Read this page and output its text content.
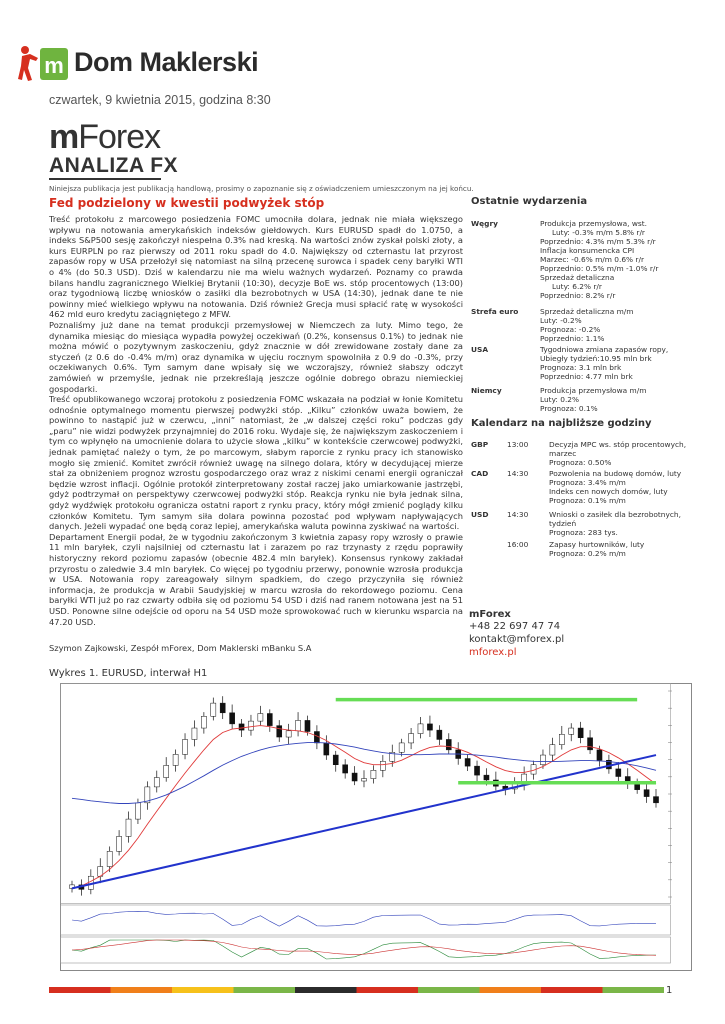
m Dom Maklerski
czwartek, 9 kwietnia 2015, godzina 8:30
mForex
ANALIZA FX
Niniejsza publikacja jest publikacją handlową, prosimy o zapoznanie się z oświadczeniem umieszczonym na jej końcu.
Fed podzielony w kwestii podwyżek stóp

Treść protokołu z marcowego posiedzenia FOMC umocniła dolara, jednak nie miała większego wpływu na notowania amerykańskich indeksów giełdowych. Kurs EURUSD spadł do 1.0750, a indeks S&P500 sesję zakończył niespełna 0.3% nad kreską. Na wartości znów zyskał polski złoty, a kurs EURPLN po raz pierwszy od 2011 roku spadł do 4.0. Największy od czternastu lat przyrost zapasów ropy w USA przełożył się natomiast na silną przecenę surowca i spadek ceny baryłki WTI o 4% (do 50.3 USD). Dziś w kalendarzu nie ma wielu ważnych wydarzeń. Poznamy co prawda bilans handlu zagranicznego Wielkiej Brytanii (10:30), decyzje BoE ws. stóp procentowych (13:00) oraz tygodniową liczbę wniosków o zasiłki dla bezrobotnych w USA (14:30), jednak dane te nie powinny mieć wielkiego wpływu na notowania. Dziś również Grecja musi spłacić ratę w wysokości 462 mld euro kredytu zaciągniętego z MFW.

Poznaliśmy już dane na temat produkcji przemysłowej w Niemczech za luty. Mimo tego, że dynamika miesiąc do miesiąca wypadła powyżej oczekiwań (0.2%, konsensus 0.1%) to jednak nie można mówić o pozytywnym zaskoczeniu, gdyż znacznie w dół zrewidowane zostały dane za styczeń (z 0.6 do -0.4% m/m) oraz dynamika w ujęciu rocznym spowolniła z 0.9 do -0.3%, przy oczekiwanych 0.6%. Tym samym dane wpisały się we wczorajszy, również słabszy odczyt zamówień w przemyśle, jednak nie przekreślają jeszcze ogólnie dobrego obrazu niemieckiej gospodarki.

Treść opublikowanego wczoraj protokołu z posiedzenia FOMC wskazała na podział w łonie Komitetu odnośnie optymalnego momentu pierwszej podwyżki stóp. „Kilku” członków uważa bowiem, że powinno to nastąpić już w czerwcu, „inni” natomiast, że „w dalszej części roku” podczas gdy „paru” nie widzi podwyżek przynajmniej do 2016 roku. Wydaje się, że największym zaskoczeniem i tym co wpłynęło na umocnienie dolara to użycie słowa „kilku” w kontekście czerwcowej podwyżki, jednak pamiętać należy o tym, że po marcowym, słabym raporcie z rynku pracy ich stanowisko mogło się zmienić. Komitet zwrócił również uwagę na silnego dolara, który w decydującej mierze stał za obniżeniem prognoz wzrostu gospodarczego oraz wraz z niskimi cenami energii ograniczał będzie wzrost inflacji. Ogólnie protokół zinterpretowany został raczej jako umiarkowanie jastrzębi, gdyż podtrzymał on perspektywy czerwcowej podwyżki stóp. Reakcja rynku nie była jednak silna, gdyż wydźwięk protokołu ogranicza ostatni raport z rynku pracy, który mógł zmienić poglądy kilku członków Komitetu. Tym samym siła dolara powinna pozostać pod wpływam napływających danych. Jeżeli wypadać one będą coraz lepiej, amerykańska waluta powinna zyskiwać na wartości.

Departament Energii podał, że w tygodniu zakończonym 3 kwietnia zapasy ropy wzrosły o prawie 11 mln baryłek, czyli najsilniej od czternastu lat i zarazem po raz trzynasty z rzędu poprawiły historyczny rekord poziomu zapasów (obecnie 482.4 mln baryłek). Konsensus rynkowy zakładał przyrostu o zaledwie 3.4 mln baryłek. Co więcej po tygodniu przerwy, ponownie wzrosła produkcja w USA. Notowania ropy zareagowały silnym spadkiem, do czego przyczyniła się również informacja, że produkcja w Arabii Saudyjskiej w marcu wzrosła do rekordowego poziomu. Cena baryłki WTI już po raz czwarty odbiła się od poziomu 54 USD i dziś nad ranem notowana jest na 51 USD. Ponowne silne odejście od oporu na 54 USD może sprowokować ruch w kierunku wsparcia na 47.20 USD.

Szymon Zajkowski, Zespół mForex, Dom Maklerski mBanku S.A
Wykres 1. EURUSD, interwał H1
Ostatnie wydarzenia
Węgry	Produkcja przemysłowa, wst.
Luty: -0.3% m/m 5.8% r/r
Poprzednio: 4.3% m/m 5.3% r/r
Inflacja konsumencka CPI
Marzec: -0.6% m/m 0.6% r/r
Poprzednio: 0.5% m/m -1.0% r/r
Sprzedaż detaliczna
Luty: 6.2% r/r
Poprzednio: 8.2% r/r
Strefa euro	Sprzedaż detaliczna m/m
Luty: -0.2%
Prognoza: -0.2%
Poprzednio: 1.1%
USA	Tygodniowa zmiana zapasów ropy,
Ubiegły tydzień:10.95 mln brk
Prognoza: 3.1 mln brk
Poprzednio: 4.77 mln brk
Niemcy	Produkcja przemysłowa m/m
Luty: 0.2%
Prognoza: 0.1%
Kalendarz na najbliższe godziny
GBP	13:00	Decyzja MPC ws. stóp procentowych,
marzec
Prognoza: 0.50%
CAD	14:30	Pozwolenia na budowę domów, luty
Prognoza: 3.4% m/m
Indeks cen nowych domów, luty
Prognoza: 0.1% m/m
USD	14:30	Wnioski o zasiłek dla bezrobotnych,
tydzień
Prognoza: 283 tys.
16:00	Zapasy hurtowników, luty
Prognoza: 0.2% m/m
mForex
+48 22 697 47 74
kontakt@mforex.pl
mforex.pl
1
